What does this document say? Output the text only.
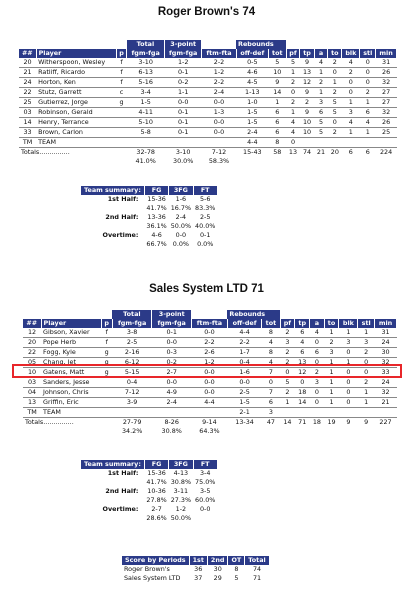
Roger Brown's 74
			Total	3-point		Rebounds								
##	Player	p	fgm-fga	fgm-fga	ftm-fta	off-def	tot	pf	tp	a	to	blk	stl	min
20	Witherspoon, Wesley	f	3-10	1-2	2-2	0-5	5	5	9	4	2	4	0	31
21	Ratliff, Ricardo	f	6-13	0-1	1-2	4-6	10	1	13	1	0	2	0	26
24	Horton, Ken	f	5-16	0-2	2-2	4-5	9	2	12	2	1	0	0	32
22	Stutz, Garrett	c	3-4	1-1	2-4	1-13	14	0	9	1	2	0	2	27
25	Gutierrez, Jorge	g	1-5	0-0	0-0	1-0	1	2	2	3	5	1	1	27
03	Robinson, Gerald		4-11	0-1	1-3	1-5	6	1	9	6	5	3	6	32
14	Henry, Terrance		5-10	0-1	0-0	1-5	6	4	10	5	0	4	4	26
33	Brown, Carlon		5-8	0-1	0-0	2-4	6	4	10	5	2	1	1	25
TM	TEAM					4-4	8	0						
Totals...............			32-78	3-10	7-12	15-43	58	13	74	21	20	6	6	224
			41.0%	30.0%	58.3%									
Team summary:	FG	3FG	FT
1st Half:	15-36	1-6	5-6
	41.7%	16.7%	83.3%
2nd Half:	13-36	2-4	2-5
	36.1%	50.0%	40.0%
Overtime:	4-6	0-0	0-1
	66.7%	0.0%	0.0%
Sales System LTD 71
			Total	3-point		Rebounds								
##	Player	p	fgm-fga	fgm-fga	ftm-fta	off-def	tot	pf	tp	a	to	blk	stl	min
12	Gibson, Xavier	f	3-8	0-1	0-0	4-4	8	2	6	4	1	1	1	31
20	Pope Herb	f	2-5	0-0	2-2	2-2	4	3	4	0	2	3	3	24
22	Fogg, Kyle	g	2-16	0-3	2-6	1-7	8	2	6	6	3	0	2	30
05	Chang, Jet	g	6-12	0-2	1-2	0-4	4	2	13	0	1	1	0	32
10	Gatens, Matt	g	5-15	2-7	0-0	1-6	7	0	12	2	1	0	0	33
03	Sanders, Jesse		0-4	0-0	0-0	0-0	0	5	0	3	1	0	2	24
04	Johnson, Chris		7-12	4-9	0-0	2-5	7	2	18	0	1	0	1	32
13	Griffin, Eric		3-9	2-4	4-4	1-5	6	1	14	0	1	0	1	21
TM	TEAM					2-1	3							
Totals...............			27-79	8-26	9-14	13-34	47	14	71	18	19	9	9	227
			34.2%	30.8%	64.3%									
Team summary:	FG	3FG	FT
1st Half:	15-36	4-13	3-4
	41.7%	30.8%	75.0%
2nd Half:	10-36	3-11	3-5
	27.8%	27.3%	60.0%
Overtime:	2-7	1-2	0-0
	28.6%	50.0%	
Score by Periods	1st	2nd	OT	Total
Roger Brown's	36	30	8	74
Sales System LTD	37	29	5	71
